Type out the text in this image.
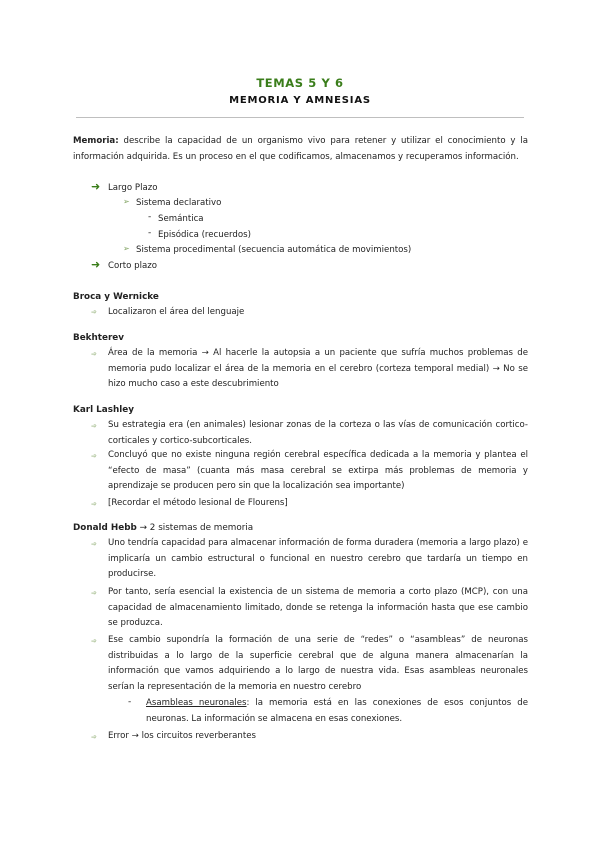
TEMAS 5 Y 6
MEMORIA Y AMNESIAS
Memoria: describe la capacidad de un organismo vivo para retener y utilizar el conocimiento y la información adquirida. Es un proceso en el que codificamos, almacenamos y recuperamos información.
➜ Largo Plazo
➢ Sistema declarativo
- Semántica
- Episódica (recuerdos)
➢ Sistema procedimental (secuencia automática de movimientos)
➜ Corto plazo
Broca y Wernicke
➾ Localizaron el área del lenguaje
Bekhterev
➾ Área de la memoria → Al hacerle la autopsia a un paciente que sufría muchos problemas de memoria pudo localizar el área de la memoria en el cerebro (corteza temporal medial) → No se hizo mucho caso a este descubrimiento
Karl Lashley
➾ Su estrategia era (en animales) lesionar zonas de la corteza o las vías de comunicación cortico-corticales y cortico-subcorticales.
➾ Concluyó que no existe ninguna región cerebral específica dedicada a la memoria y plantea el “efecto de masa” (cuanta más masa cerebral se extirpa más problemas de memoria y aprendizaje se producen pero sin que la localización sea importante)
➾ [Recordar el método lesional de Flourens]
Donald Hebb → 2 sistemas de memoria
➾ Uno tendría capacidad para almacenar información de forma duradera (memoria a largo plazo) e implicaría un cambio estructural o funcional en nuestro cerebro que tardaría un tiempo en producirse.
➾ Por tanto, sería esencial la existencia de un sistema de memoria a corto plazo (MCP), con una capacidad de almacenamiento limitado, donde se retenga la información hasta que ese cambio se produzca.
➾ Ese cambio supondría la formación de una serie de “redes” o “asambleas” de neuronas distribuidas a lo largo de la superficie cerebral que de alguna manera almacenarían la información que vamos adquiriendo a lo largo de nuestra vida. Esas asambleas neuronales serían la representación de la memoria en nuestro cerebro
- Asambleas neuronales: la memoria está en las conexiones de esos conjuntos de neuronas. La información se almacena en esas conexiones.
➾ Error → los circuitos reverberantes
